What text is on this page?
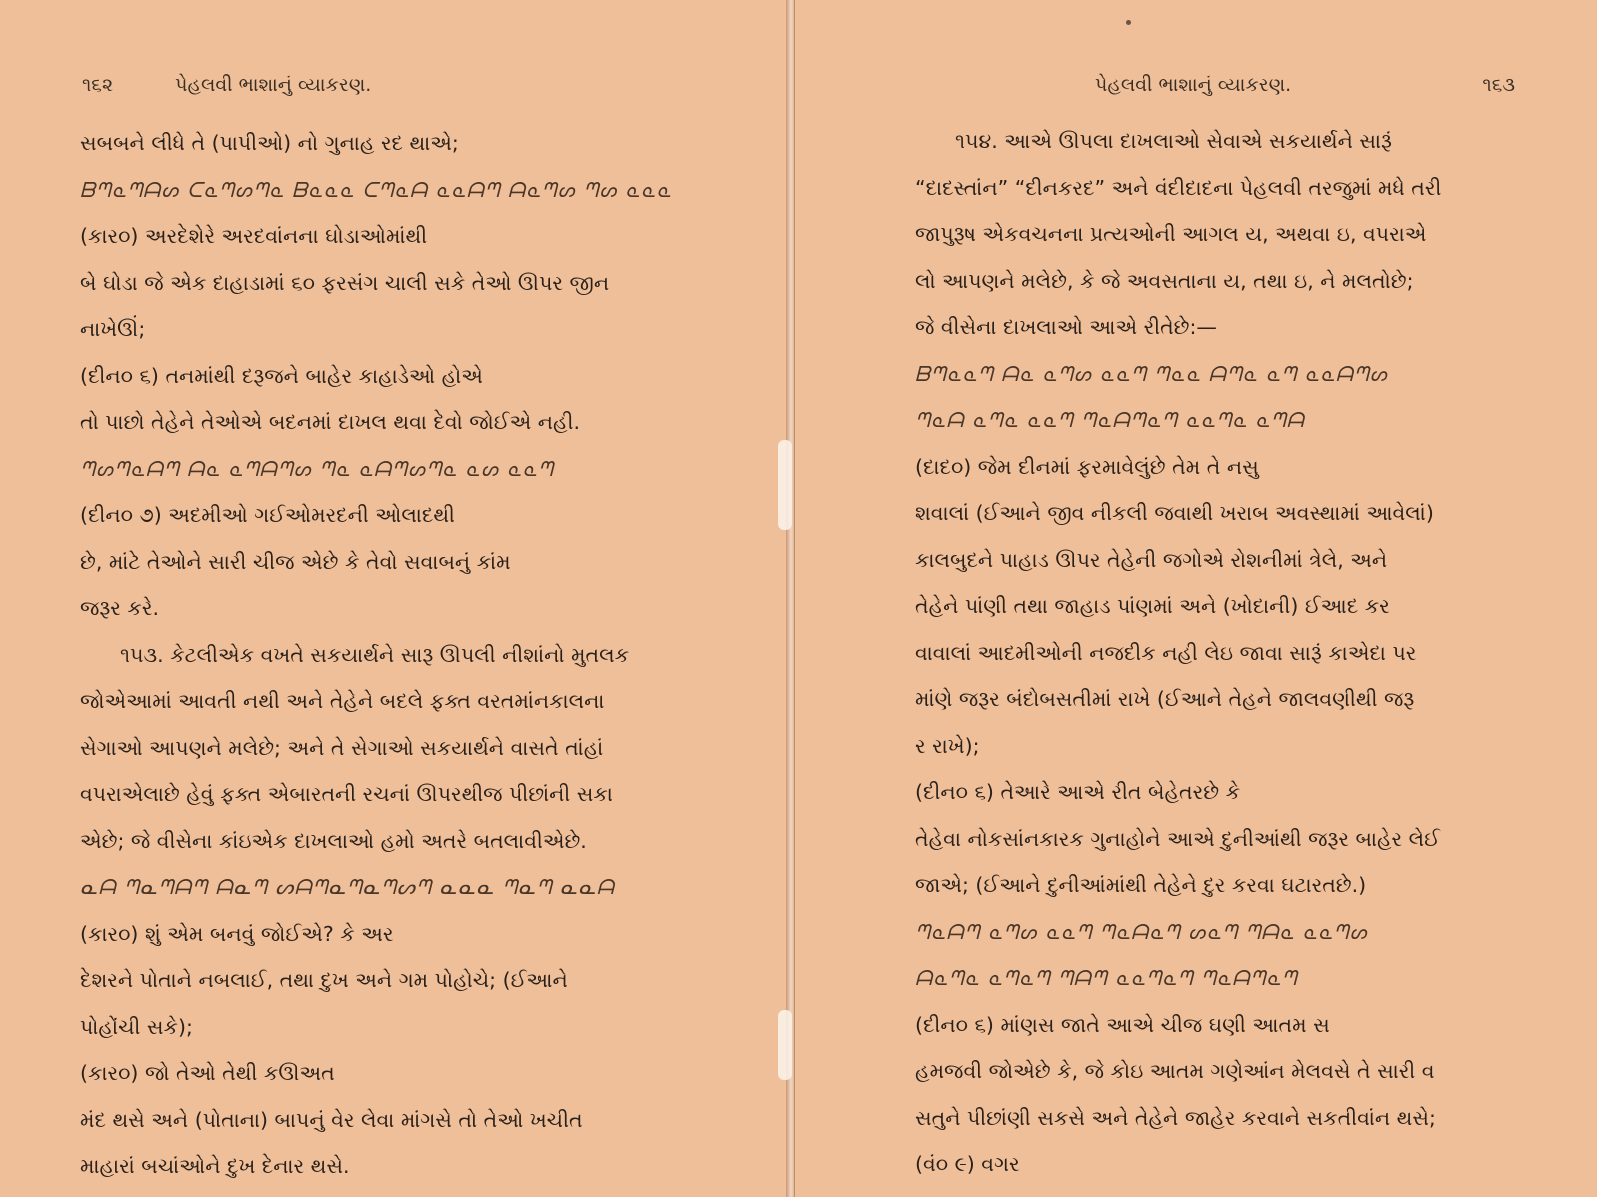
૧૬૨	પેહલવી ભાશાનું વ્યાકરણ.
સબબને લીધે તે (પાપીઓ) નો ગુનાહ રદ થાએ;
ᗷᘉᓇᘉᗩᔕ ᑕᓇᘉᔕᘉᓇ ᗷᓇᓇᓇ ᑕᘉᓇᗩ ᓇᓇᗩᘉ ᗩᓇᘉᔕ ᘉᔕ ᓇᓇᓇ
(કાર૦) અરદેશેરે અરદવાંનના ઘોડાઓમાંથી
બે ઘોડા જે એક દાહાડામાં ૬૦ ફરસંગ ચાલી સકે તેઓ ઊપર જીન
નાખેઊં;
(દીન૦ ૬) તનમાંથી દરૂજને બાહેર કાહાડેઓ હોએ
તો પાછો તેહેને તેઓએ બદનમાં દાખલ થવા દેવો જોઈએ નહી.
ᘉᔕᘉᓇᗩᘉ ᗩᓇ ᓇᘉᗩᘉᔕ ᘉᓇ ᓇᗩᘉᔕᘉᓇ ᓇᔕ ᓇᓇᘉ
(દીન૦ ૭) અદમીઓ ગઈઓમરદની ઓલાદથી
છે, માંટે તેઓને સારી ચીજ એછે કે તેવો સવાબનું કાંમ
જરૂર કરે.
૧૫૩. કેટલીએક વખતે સકયાર્થને સારૂ ઊપલી નીશાંનો મુતલક
જોએઆમાં આવતી નથી અને તેહેને બદલે ફક્ત વરતમાંનકાલના
સેગાઓ આપણને મલેછે; અને તે સેગાઓ સકયાર્થને વાસતે તાંહાં
વપરાએલાછે હેવું ફક્ત એબારતની રચનાં ઊપરથીજ પીછાંની સકા
એછે; જે વીસેના કાંઇએક દાખલાઓ હમો અતરે બતલાવીએછે.
ᓇᗩ ᘉᓇᘉᗩᘉ ᗩᓇᘉ ᔕᗩᘉᓇᘉᓇᘉᔕᘉ ᓇᓇᓇ ᘉᓇᘉ ᓇᓇᗩ
(કાર૦) શું એમ બનવું જોઈએ? કે અર
દેશરને પોતાને નબલાઈ, તથા દુખ અને ગમ પોહોચે; (ઈઆને
પોહોંચી સકે);
(કાર૦) જો તેઓ તેથી કઊઅત
મંદ થસે અને (પોતાના) બાપનું વેર લેવા માંગસે તો તેઓ ખચીત
માહારાં બચાંઓને દુખ દેનાર થસે.
પેહલવી ભાશાનું વ્યાકરણ.	૧૬૩
૧૫૪. આએ ઊપલા દાખલાઓ સેવાએ સકયાર્થને સારૂં
“દાદસ્તાંન” “દીનકરદ” અને વંદીદાદના પેહલવી તરજુમાં મધે તરી
જાપુરૂષ એકવચનના પ્રત્યઓની આગલ ય, અથવા ઇ, વપરાએ
લો આપણને મલેછે, કે જે અવસતાના ય, તથા ઇ, ને મલતોછે;
જે વીસેના દાખલાઓ આએ રીતેછે:—
ᗷᘉᓇᓇᘉ ᗩᓇ ᓇᘉᔕ ᓇᓇᘉ ᘉᓇᓇ ᗩᘉᓇ ᓇᘉ ᓇᓇᗩᘉᔕ
ᘉᓇᗩ ᓇᘉᓇ ᓇᓇᘉ ᘉᓇᗩᘉᓇᘉ ᓇᓇᘉᓇ ᓇᘉᗩ
(દાદ૦) જેમ દીનમાં ફરમાવેલુંછે તેમ તે નસુ
શવાલાં (ઈઆને જીવ નીકલી જવાથી ખરાબ અવસ્થામાં આવેલાં)
કાલબુદને પાહાડ ઊપર તેહેની જગોએ રોશનીમાં ત્રેલે, અને
તેહેને પાંણી તથા જાહાડ પાંણમાં અને (ખોદાની) ઈઆદ કર
વાવાલાં આદમીઓની નજદીક નહી લેઇ જાવા સારૂં કાએદા પર
માંણે જરૂર બંદોબસતીમાં રાખે (ઈઆને તેહને જાલવણીથી જરૂ
ર રાખે);
(દીન૦ ૬) તેઆરે આએ રીત બેહેતરછે કે
તેહેવા નોકસાંનકારક ગુનાહોને આએ દુનીઆંથી જરૂર બાહેર લેઈ
જાએ; (ઈઆને દુનીઆંમાંથી તેહેને દુર કરવા ઘટારતછે.)
ᘉᓇᗩᘉ ᓇᘉᔕ ᓇᓇᘉ ᘉᓇᗩᓇᘉ ᔕᓇᘉ ᘉᗩᓇ ᓇᓇᘉᔕ
ᗩᓇᘉᓇ ᓇᘉᓇᘉ ᘉᗩᘉ ᓇᓇᘉᓇᘉ ᘉᓇᗩᘉᓇᘉ
(દીન૦ ૬) માંણસ જાતે આએ ચીજ ઘણી આતમ સ
હમજવી જોએછે કે, જે કોઇ આતમ ગણેઆંન મેલવસે તે સારી વ
સતુને પીછાંણી સકસે અને તેહેને જાહેર કરવાને સકતીવાંન થસે;
(વં૦ ૯) વગર
